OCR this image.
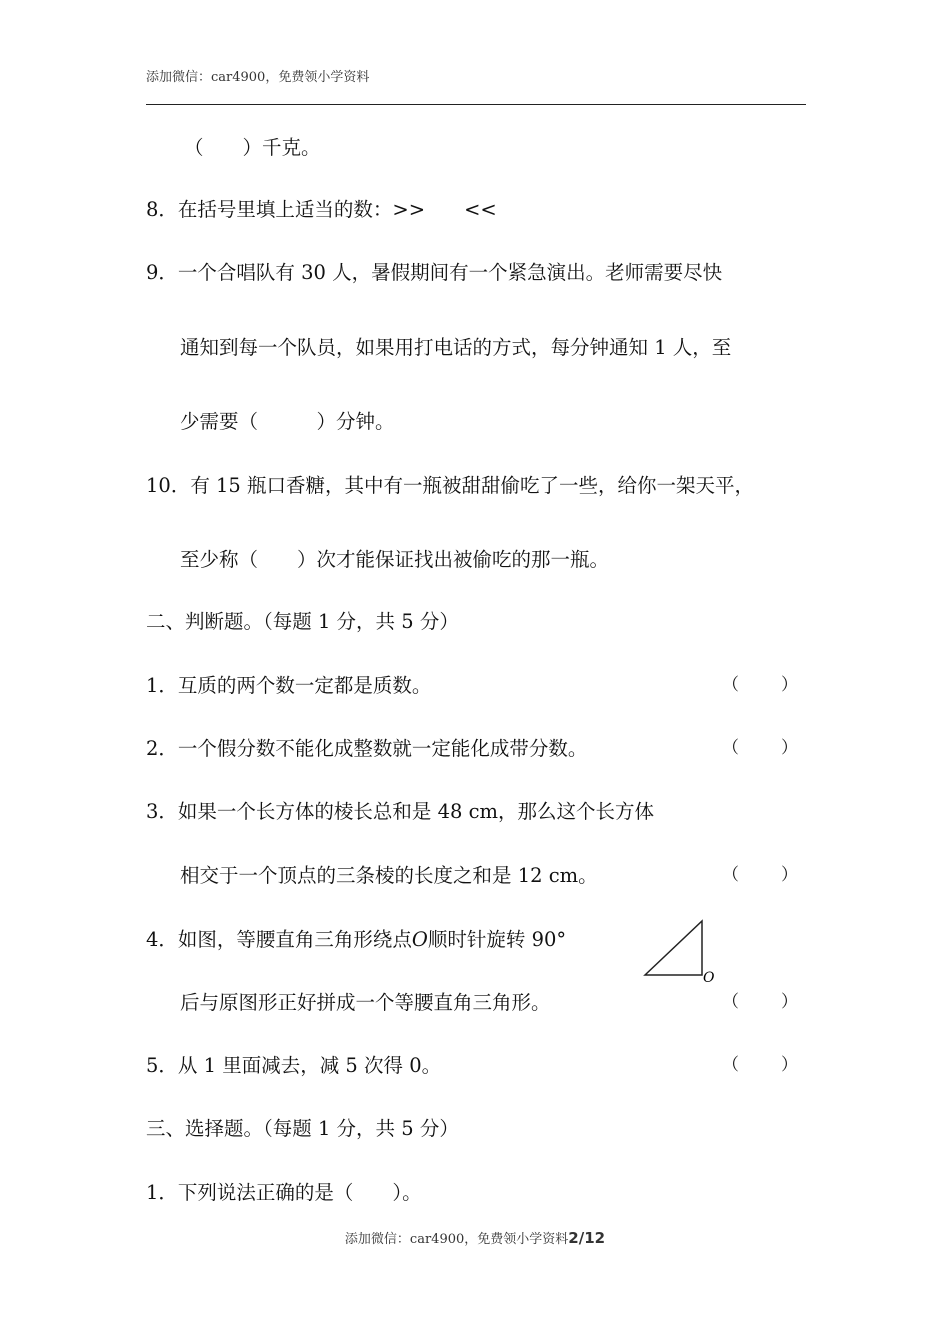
添加微信：car4900，免费领小学资料
（　　）千克。
8．在括号里填上适当的数：>>　　<<
9．一个合唱队有 30 人，暑假期间有一个紧急演出。老师需要尽快
通知到每一个队员，如果用打电话的方式，每分钟通知 1 人，至
少需要（　　　）分钟。
10．有 15 瓶口香糖，其中有一瓶被甜甜偷吃了一些，给你一架天平，
至少称（　　）次才能保证找出被偷吃的那一瓶。
二、判断题。（每题 1 分，共 5 分）
1．互质的两个数一定都是质数。	（ ）
2．一个假分数不能化成整数就一定能化成带分数。	（ ）
3．如果一个长方体的棱长总和是 48 cm，那么这个长方体
相交于一个顶点的三条棱的长度之和是 12 cm。	（ ）
4．如图，等腰直角三角形绕点O顺时针旋转 90°
O
后与原图形正好拼成一个等腰直角三角形。	（ ）
5．从 1 里面减去，减 5 次得 0。	（ ）
三、选择题。（每题 1 分，共 5 分）
1．下列说法正确的是（　　）。
添加微信：car4900，免费领小学资料2/12
